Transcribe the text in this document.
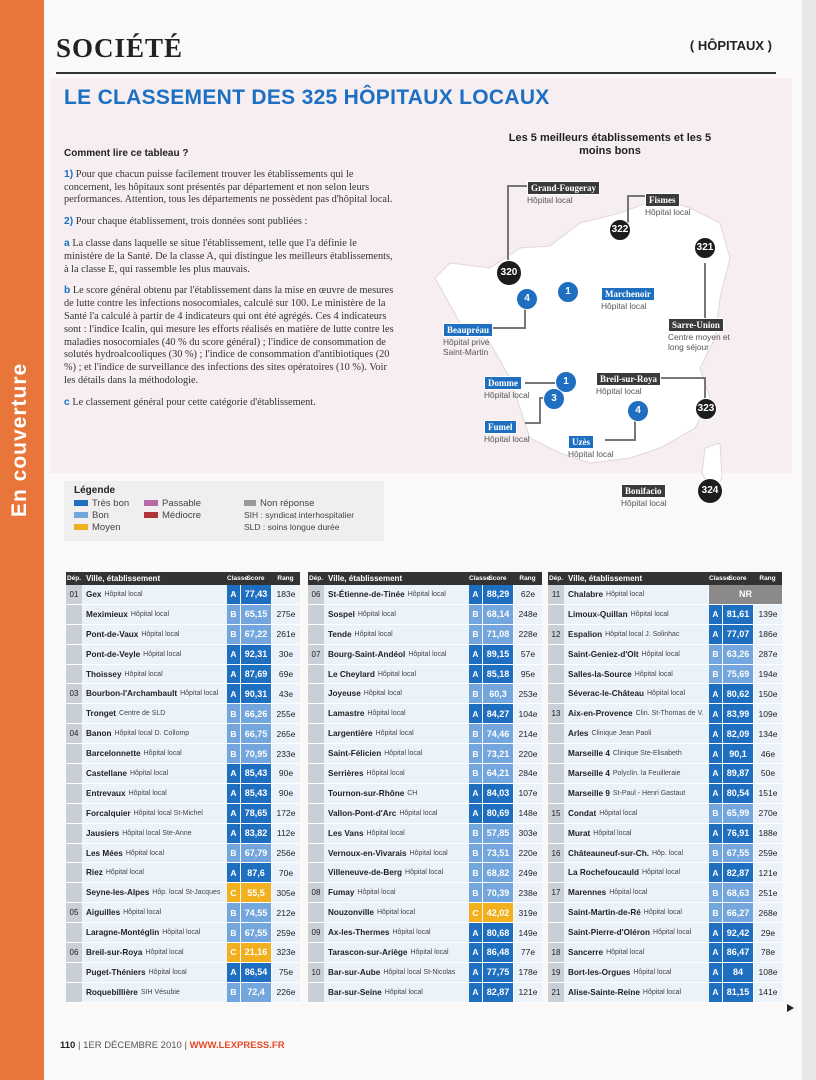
En couverture
SOCIÉTÉ	( HÔPITAUX )
LE CLASSEMENT DES 325 HÔPITAUX LOCAUX
Comment lire ce tableau ?

1) Pour que chacun puisse facilement trouver les établissements qui le concernent, les hôpitaux sont présentés par département et non selon leurs performances. Attention, tous les départements ne possèdent pas d'hôpital local.

2) Pour chaque établissement, trois données sont publiées :

a La classe dans laquelle se situe l'établissement, telle que l'a définie le ministère de la Santé. De la classe A, qui distingue les meilleurs établissements, à la classe E, qui rassemble les plus mauvais.

b Le score général obtenu par l'établissement dans la mise en œuvre de mesures de lutte contre les infections nosocomiales, calculé sur 100. Le ministère de la Santé l'a calculé à partir de 4 indicateurs qui ont été agrégés. Ces 4 indicateurs sont : l'indice Icalin, qui mesure les efforts réalisés en matière de lutte contre les maladies nosocomiales (40 % du score général) ; l'indice de consommation de solutés hydroalcooliques (30 %) ; l'indice de consommation d'antibiotiques (20 %) ; et l'indice de surveillance des infections des sites opératoires (10 %). Voir les détails dans la méthodologie.

c Le classement général pour cette catégorie d'établissement.

Les 5 meilleurs établissements et les 5 moins bons
320
322
321
1
4
1
3
323
4
324
Grand-Fougeray
Hôpital local	Fismes
Hôpital local
Sarre-Union
Centre moyen et long séjour
Marchenoir
Hôpital local
Beaupréau
Hôpital privé Saint-Martin
Domme
Hôpital local
Fumel
Hôpital local
Breil-sur-Roya
Hôpital local
Uzès
Hôpital local
Bonifacio
Hôpital local
Légende
Très bon
Bon
Moyen
Passable
Médiocre
Non réponse
SIH : syndicat interhospitalier
SLD : soins longue durée
Dép. Ville, établissement	Classe
Score	Rang
01 Gex Hôpital local	A 77,43	183e
Meximieux Hôpital local	B 65,15	275e
Pont-de-Vaux Hôpital local	B 67,22	261e
Pont-de-Veyle Hôpital local	A 92,31	30e
Thoissey Hôpital local	A 87,69	69e
03 Bourbon-l'Archambault Hôpital local	A 90,31	43e
Tronget Centre de SLD	B 66,26	255e
04 Banon Hôpital local D. Collomp	B 66,75	265e
Barcelonnette Hôpital local	B 70,95	233e
Castellane Hôpital local	A 85,43	90e
Entrevaux Hôpital local	A 85,43	90e
Forcalquier Hôpital local St-Michel	A 78,65	172e
Jausiers Hôpital local Ste-Anne	A 83,82	112e
Les Mées Hôpital local	B 67,79	256e
Riez Hôpital local	A	87,6	70e
Seyne-les-Alpes Hôp. local St-Jacques	C	55,5	305e
05 Aiguilles Hôpital local	B 74,55	212e
Laragne-Montéglin Hôpital local	B 67,55	259e
06 Breil-sur-Roya Hôpital local	C 21,16	323e
Puget-Théniers Hôpital local	A 86,54	75e
Roquebillière SIH Vésubie	B	72,4	226e
Dép. Ville, établissement	Classe
Score	Rang
06 St-Étienne-de-Tinée Hôpital local	A 88,29	62e
Sospel Hôpital local	B 68,14	248e
Tende Hôpital local	B 71,08	228e
07 Bourg-Saint-Andéol Hôpital local	A 89,15	57e
Le Cheylard Hôpital local	A 85,18	95e
Joyeuse Hôpital local	B	60,3	253e
Lamastre Hôpital local	A 84,27	104e
Largentière Hôpital local	B 74,46	214e
Saint-Félicien Hôpital local	B 73,21	220e
Serrières Hôpital local	B 64,21	284e
Tournon-sur-Rhône CH	A 84,03	107e
Vallon-Pont-d'Arc Hôpital local	A 80,69	148e
Les Vans Hôpital local	B 57,85	303e
Vernoux-en-Vivarais Hôpital local	B 73,51	220e
Villeneuve-de-Berg Hôpital local	B 68,82	249e
08 Fumay Hôpital local	B 70,39	238e
Nouzonville Hôpital local	C 42,02	319e
09 Ax-les-Thermes Hôpital local	A 80,68	149e
Tarascon-sur-Ariège Hôpital local	A 86,48	77e
10 Bar-sur-Aube Hôpital local St-Nicolas	A 77,75	178e
Bar-sur-Seine Hôpital local	A 82,87	121e
Dép. Ville, établissement	Classe
Score	Rang
11 Chalabre Hôpital local	NR
Limoux-Quillan Hôpital local	A 81,61	139e
12 Espalion Hôpital local J. Solinhac	A 77,07	186e
Saint-Geniez-d'Olt Hôpital local	B 63,26	287e
Salles-la-Source Hôpital local	B 75,69	194e
Séverac-le-Château Hôpital local	A 80,62	150e
13 Aix-en-Provence Clin. St-Thomas de V.	A 83,99	109e
Arles Clinique Jean Paoli	A 82,09	134e
Marseille 4 Clinique Ste-Elisabeth	A	90,1	46e
Marseille 4 Polyclin. la Feuilleraie	A 89,87	50e
Marseille 9 St-Paul - Henri Gastaut	A 80,54	151e
15 Condat Hôpital local	B 65,99	270e
Murat Hôpital local	A 76,91	188e
16 Châteauneuf-sur-Ch. Hôp. local	B 67,55	259e
La Rochefoucauld Hôpital local	A 82,87	121e
17 Marennes Hôpital local	B 68,63	251e
Saint-Martin-de-Ré Hôpital local	B 66,27	268e
Saint-Pierre-d'Oléron Hôpital local	A 92,42	29e
18 Sancerre Hôpital local	A 86,47	78e
19 Bort-les-Orgues Hôpital local	A	84	108e
21 Alise-Sainte-Reine Hôpital local	A 81,15	141e
110 | 1ER DÉCEMBRE 2010 | WWW.LEXPRESS.FR
